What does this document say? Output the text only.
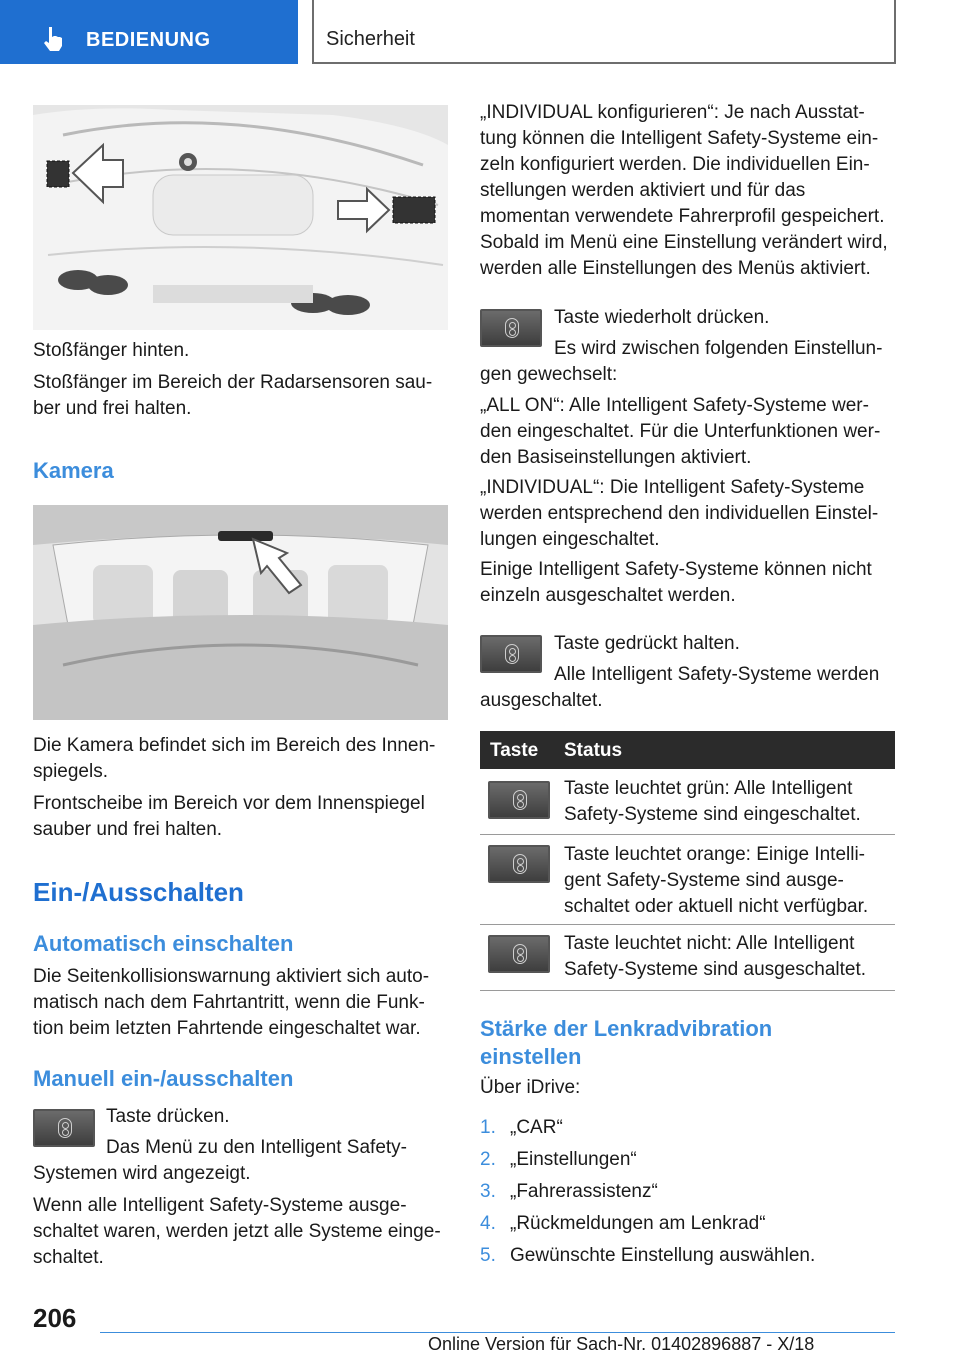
BEDIENUNG	Sicherheit

Stoßfänger hinten.

Stoßfänger im Bereich der Radarsensoren sau-
ber und frei halten.

Kamera

Die Kamera befindet sich im Bereich des Innen-
spiegels.

Frontscheibe im Bereich vor dem Innenspiegel
sauber und frei halten.

Ein-/Ausschalten
Automatisch einschalten

Die Seitenkollisionswarnung aktiviert sich auto-
matisch nach dem Fahrtantritt, wenn die Funk-
tion beim letzten Fahrtende eingeschaltet war.

Manuell ein-/ausschalten

Taste drücken.

Das Menü zu den Intelligent Safety-

Systemen wird angezeigt.

Wenn alle Intelligent Safety-Systeme ausge-
schaltet waren, werden jetzt alle Systeme einge-
schaltet.

„INDIVIDUAL konfigurieren“: Je nach Ausstat-
tung können die Intelligent Safety-Systeme ein-
zeln konfiguriert werden. Die individuellen Ein-
stellungen werden aktiviert und für das
momentan verwendete Fahrerprofil gespeichert.
Sobald im Menü eine Einstellung verändert wird,
werden alle Einstellungen des Menüs aktiviert.

Taste wiederholt drücken.

Es wird zwischen folgenden Einstellun-

gen gewechselt:

„ALL ON“: Alle Intelligent Safety-Systeme wer-
den eingeschaltet. Für die Unterfunktionen wer-
den Basiseinstellungen aktiviert.

„INDIVIDUAL“: Die Intelligent Safety-Systeme
werden entsprechend den individuellen Einstel-
lungen eingeschaltet.

Einige Intelligent Safety-Systeme können nicht
einzeln ausgeschaltet werden.

Taste gedrückt halten.

Alle Intelligent Safety-Systeme werden

ausgeschaltet.

Taste Status
Taste leuchtet grün: Alle Intelligent
Safety-Systeme sind eingeschaltet.
Taste leuchtet orange: Einige Intelli-
gent Safety-Systeme sind ausge-
schaltet oder aktuell nicht verfügbar.
Taste leuchtet nicht: Alle Intelligent
Safety-Systeme sind ausgeschaltet.
Stärke der Lenkradvibration
einstellen

Über iDrive:

1. „CAR“
2. „Einstellungen“
3. „Fahrerassistenz“
4. „Rückmeldungen am Lenkrad“
5. Gewünschte Einstellung auswählen.
206
Online Version für Sach-Nr. 01402896887 - X/18
